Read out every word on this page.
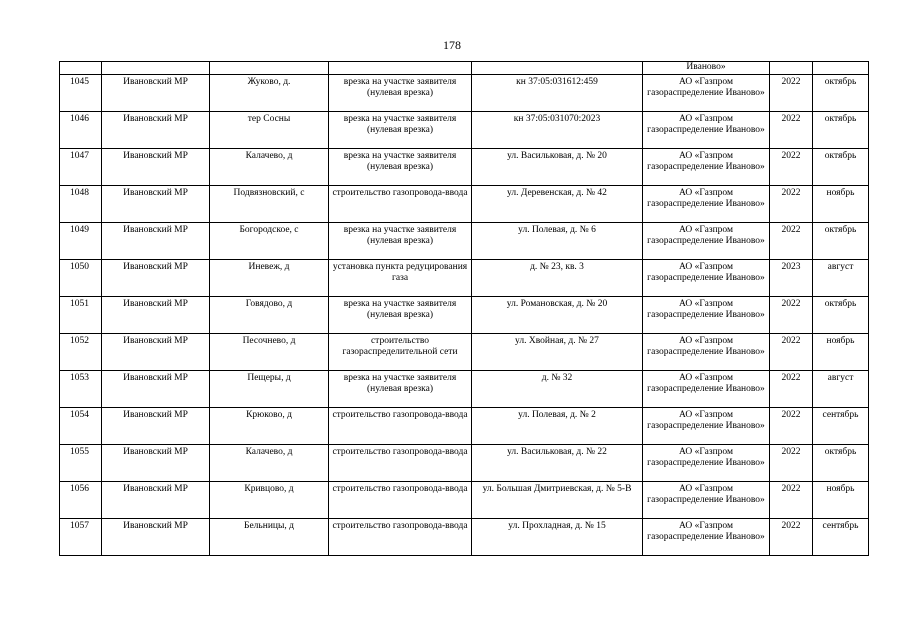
178
					Иваново»		
1045	Ивановский МР	Жуково, д.	врезка на участке заявителя (нулевая врезка)	кн 37:05:031612:459	АО «Газпром газораспределение Иваново»	2022	октябрь
1046	Ивановский МР	тер Сосны	врезка на участке заявителя (нулевая врезка)	кн 37:05:031070:2023	АО «Газпром газораспределение Иваново»	2022	октябрь
1047	Ивановский МР	Калачево, д	врезка на участке заявителя (нулевая врезка)	ул. Васильковая, д. № 20	АО «Газпром газораспределение Иваново»	2022	октябрь
1048	Ивановский МР	Подвязновский, с	строительство газопровода-ввода	ул. Деревенская, д. № 42	АО «Газпром газораспределение Иваново»	2022	ноябрь
1049	Ивановский МР	Богородское, с	врезка на участке заявителя (нулевая врезка)	ул. Полевая, д. № 6	АО «Газпром газораспределение Иваново»	2022	октябрь
1050	Ивановский МР	Иневеж, д	установка пункта редуцирования газа	д. № 23, кв. 3	АО «Газпром газораспределение Иваново»	2023	август
1051	Ивановский МР	Говядово, д	врезка на участке заявителя (нулевая врезка)	ул. Романовская, д. № 20	АО «Газпром газораспределение Иваново»	2022	октябрь
1052	Ивановский МР	Песочнево, д	строительство газораспределительной сети	ул. Хвойная, д. № 27	АО «Газпром газораспределение Иваново»	2022	ноябрь
1053	Ивановский МР	Пещеры, д	врезка на участке заявителя (нулевая врезка)	д. № 32	АО «Газпром газораспределение Иваново»	2022	август
1054	Ивановский МР	Крюково, д	строительство газопровода-ввода	ул. Полевая, д. № 2	АО «Газпром газораспределение Иваново»	2022	сентябрь
1055	Ивановский МР	Калачево, д	строительство газопровода-ввода	ул. Васильковая, д. № 22	АО «Газпром газораспределение Иваново»	2022	октябрь
1056	Ивановский МР	Кривцово, д	строительство газопровода-ввода	ул. Большая Дмитриевская, д. № 5-В	АО «Газпром газораспределение Иваново»	2022	ноябрь
1057	Ивановский МР	Бельницы, д	строительство газопровода-ввода	ул. Прохладная, д. № 15	АО «Газпром газораспределение Иваново»	2022	сентябрь
